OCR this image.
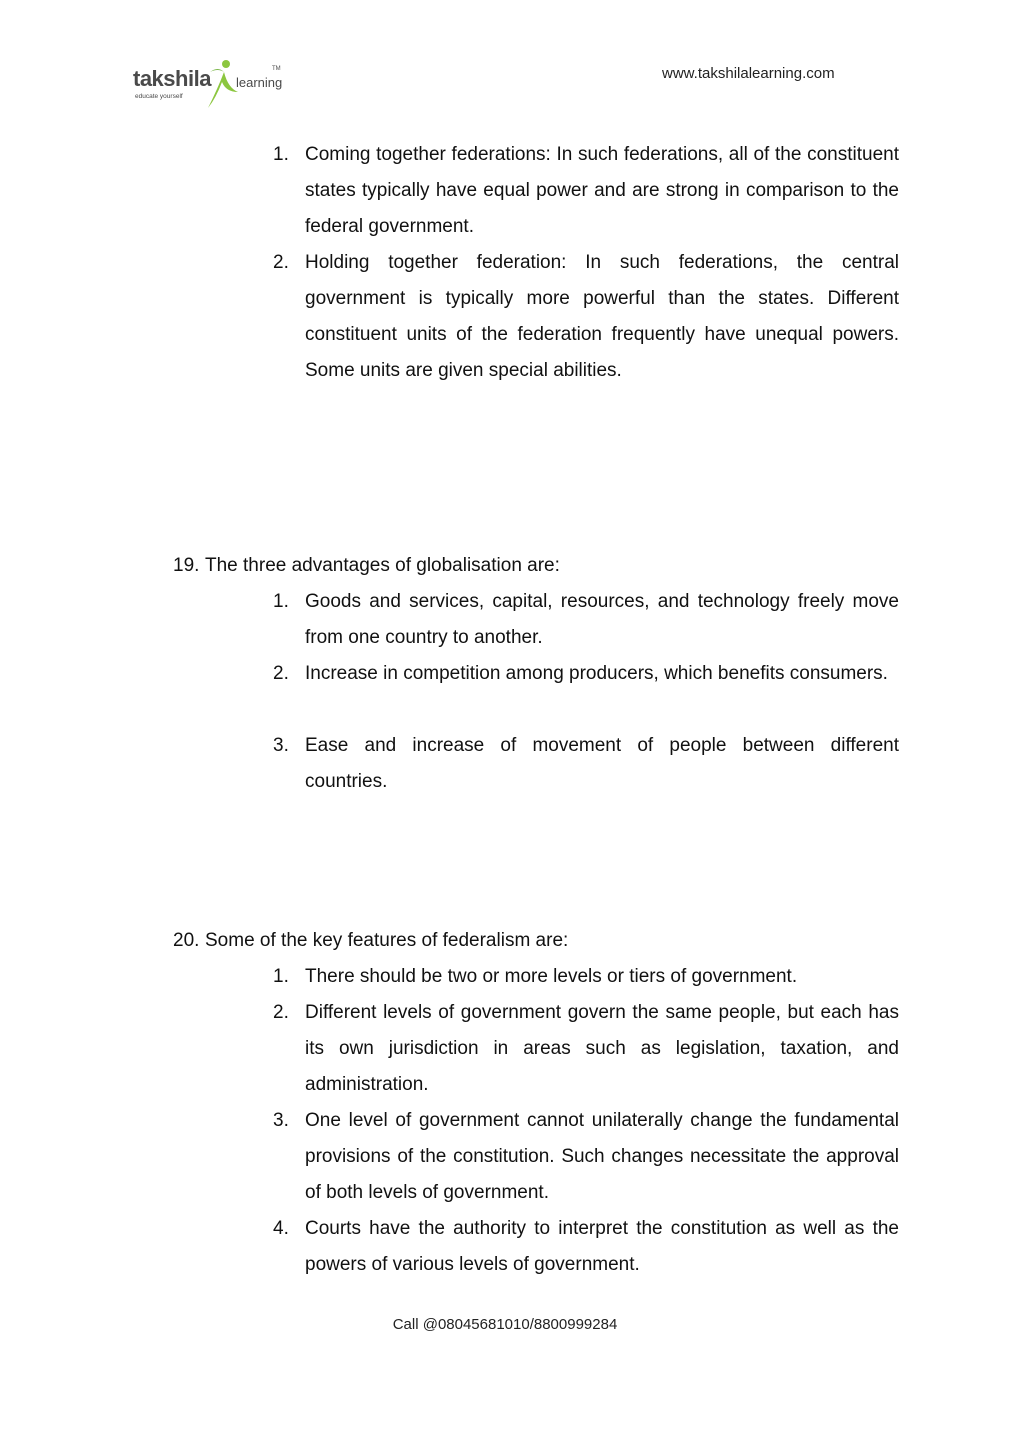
takshila learning
TM
educate yourself
www.takshilalearning.com
1. Coming together federations: In such federations, all of the constituent states typically have equal power and are strong in comparison to the federal government.
2. Holding together federation: In such federations, the central government is typically more powerful than the states. Different constituent units of the federation frequently have unequal powers. Some units are given special abilities.
19. The three advantages of globalisation are:
1. Goods and services, capital, resources, and technology freely move from one country to another.
2. Increase in competition among producers, which benefits consumers.
3. Ease and increase of movement of people between different countries.
20. Some of the key features of federalism are:
1. There should be two or more levels or tiers of government.
2. Different levels of government govern the same people, but each has its own jurisdiction in areas such as legislation, taxation, and administration.
3. One level of government cannot unilaterally change the fundamental provisions of the constitution. Such changes necessitate the approval of both levels of government.
4. Courts have the authority to interpret the constitution as well as the powers of various levels of government.
Call @08045681010/8800999284
